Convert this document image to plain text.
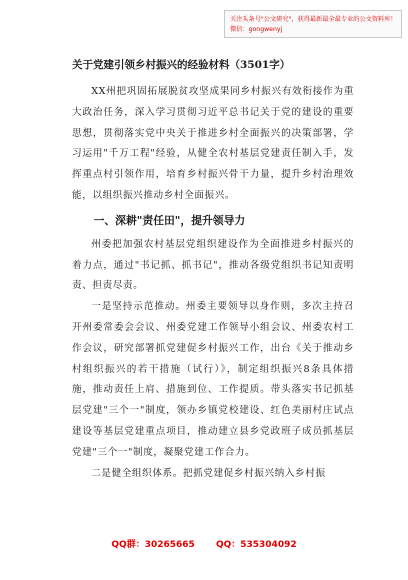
关注头条号"公文研究"，获得最新最全最专业的公文资料库！
微信：gongwenyj
关于党建引领乡村振兴的经验材料（3501字）

XX州把巩固拓展脱贫攻坚成果同乡村振兴有效衔接作为重大政治任务，深入学习贯彻习近平总书记关于党的建设的重要思想，贯彻落实党中央关于推进乡村全面振兴的决策部署，学习运用"千万工程"经验，从健全农村基层党建责任制入手，发挥重点村引领作用，培育乡村振兴骨干力量，提升乡村治理效能，以组织振兴推动乡村全面振兴。

一、深耕"责任田"，提升领导力

州委把加强农村基层党组织建设作为全面推进乡村振兴的着力点，通过"书记抓、抓书记"，推动各级党组织书记知责明责、担责尽责。

一是坚持示范推动。州委主要领导以身作则，多次主持召开州委常委会会议、州委党建工作领导小组会议、州委农村工作会议，研究部署抓党建促乡村振兴工作，出台《关于推动乡村组织振兴的若干措施（试行）》，制定组织振兴8条具体措施，推动责任上肩、措施到位、工作提质。带头落实书记抓基层党建"三个一"制度，领办乡镇党校建设、红色美丽村庄试点建设等基层党建重点项目，推动建立县乡党政班子成员抓基层党建"三个一"制度，凝聚党建工作合力。

二是健全组织体系。把抓党建促乡村振兴纳入乡村振

QQ群：30265665 QQ：535304092
